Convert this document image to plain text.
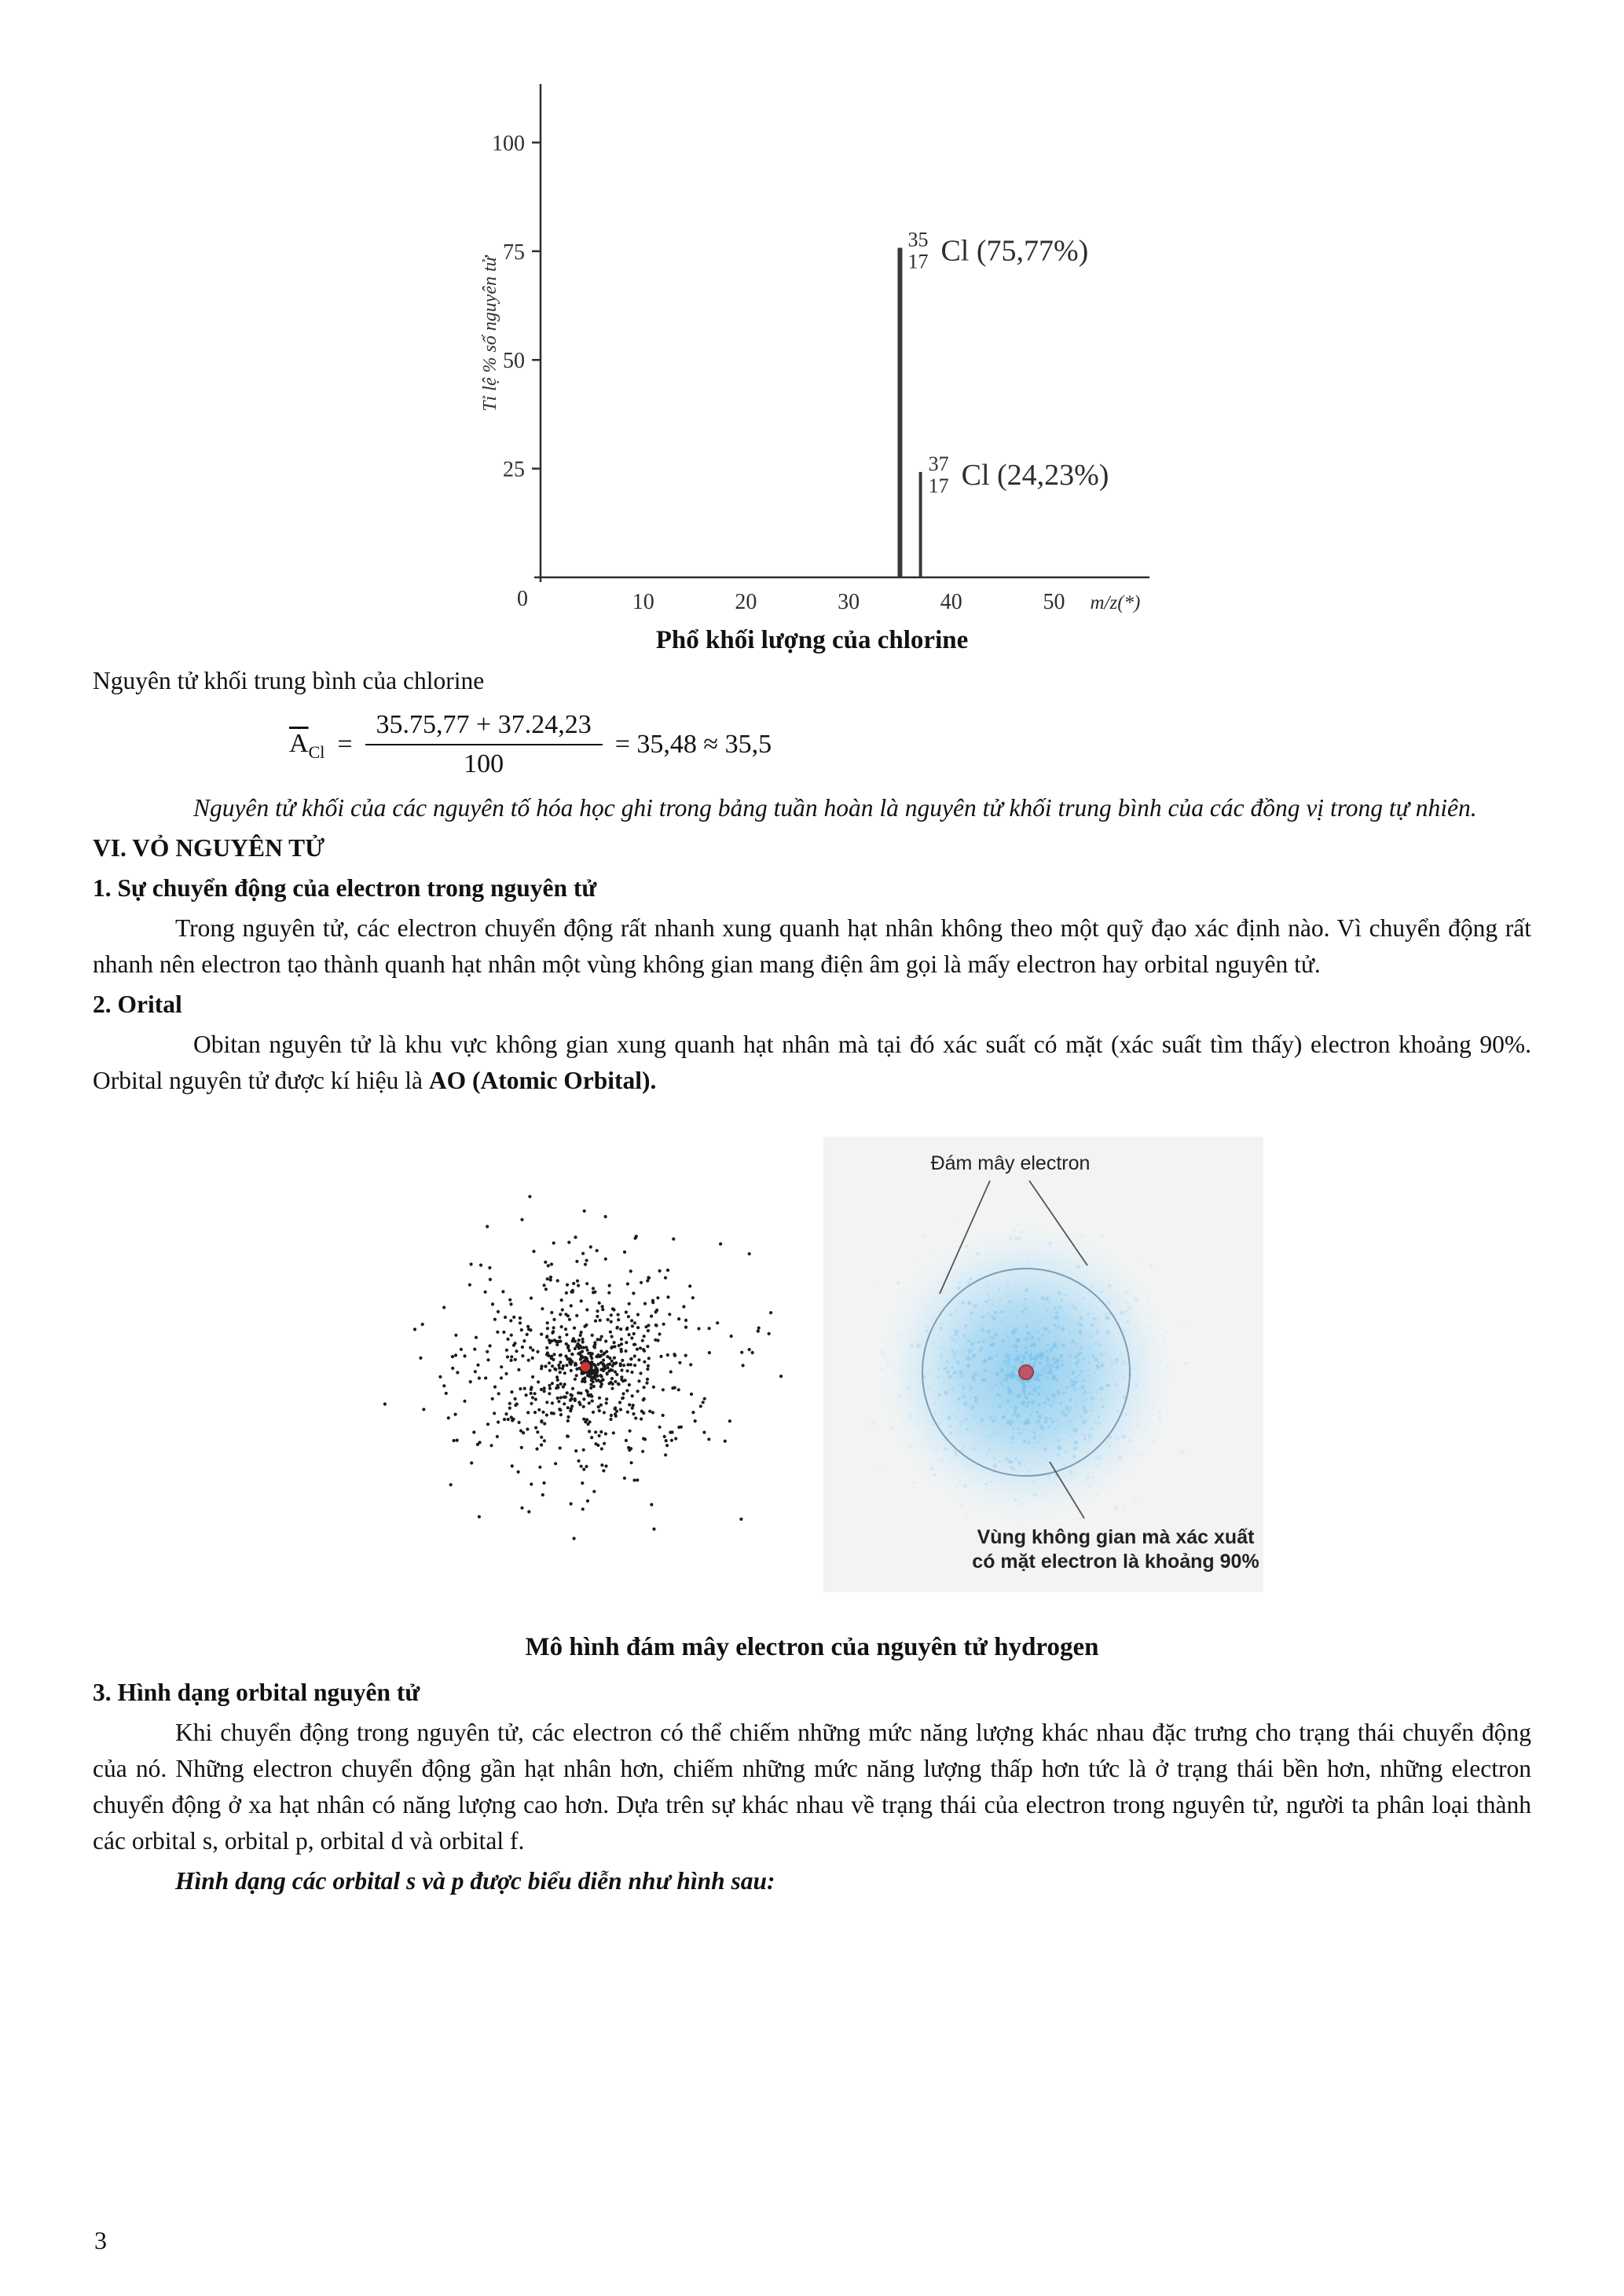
25
50
75
100
10	20	30	40	50
0	m/z(*)
Tỉ lệ % số nguyên tử
35
17 Cl (75,77%)
37
17 Cl (24,23%)
Phổ khối lượng của chlorine

Nguyên tử khối trung bình của chlorine

$\overline{A}_{Cl} = \frac{35.75,77 + 37.24,23}{100} = 35,48 \approx 35,5$

Nguyên tử khối của các nguyên tố hóa học ghi trong bảng tuần hoàn là nguyên tử khối trung bình của các đồng vị trong tự nhiên.

VI. VỎ NGUYÊN TỬ

1. Sự chuyển động của electron trong nguyên tử

Trong nguyên tử, các electron chuyển động rất nhanh xung quanh hạt nhân không theo một quỹ đạo xác định nào. Vì chuyển động rất nhanh nên electron tạo thành quanh hạt nhân một vùng không gian mang điện âm gọi là mấy electron hay orbital nguyên tử.

2. Orital

Obitan nguyên tử là khu vực không gian xung quanh hạt nhân mà tại đó xác suất có mặt (xác suất tìm thấy) electron khoảng 90%. Orbital nguyên tử được kí hiệu là AO (Atomic Orbital).

Đám mây electron
Vùng không gian mà xác xuất
có mặt electron là khoảng 90%
Mô hình đám mây electron của nguyên tử hydrogen

3. Hình dạng orbital nguyên tử

Khi chuyển động trong nguyên tử, các electron có thể chiếm những mức năng lượng khác nhau đặc trưng cho trạng thái chuyển động của nó. Những electron chuyển động gần hạt nhân hơn, chiếm những mức năng lượng thấp hơn tức là ở trạng thái bền hơn, những electron chuyển động ở xa hạt nhân có năng lượng cao hơn. Dựa trên sự khác nhau về trạng thái của electron trong nguyên tử, người ta phân loại thành các orbital s, orbital p, orbital d và orbital f.

Hình dạng các orbital s và p được biểu diễn như hình sau:

3
